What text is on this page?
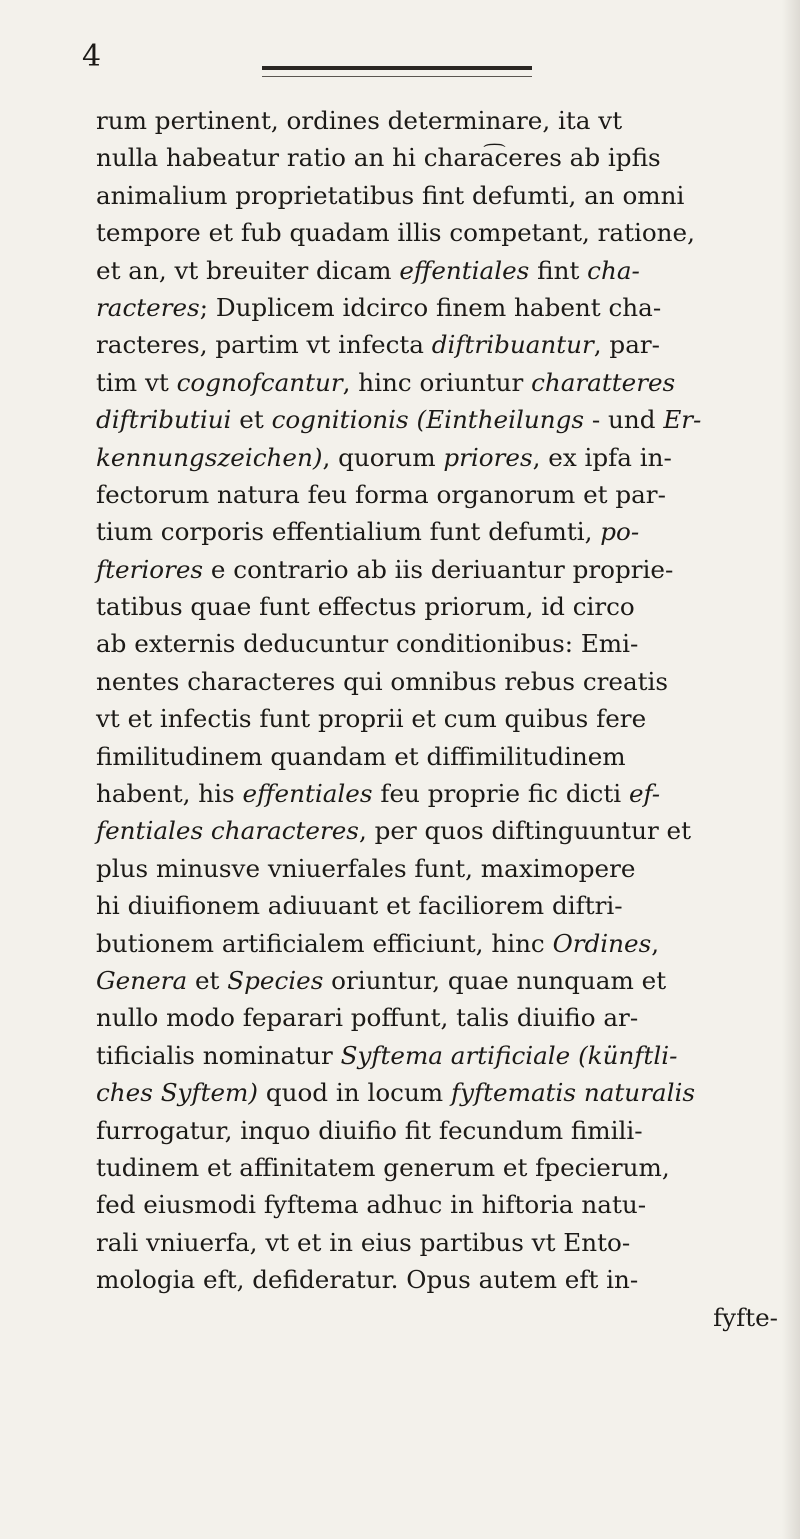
4
rum pertinent, ordines determinare, ita vt
nulla habeatur ratio an hi chara͡ceres ab ipfis
animalium proprietatibus fint defumti, an omni
tempore et fub quadam illis competant, ratione,
et an, vt breuiter dicam effentiales fint cha-
racteres; Duplicem idcirco finem habent cha-
racteres, partim vt infecta diftribuantur, par-
tim vt cognofcantur, hinc oriuntur charatteres
diftributiui et cognitionis (Eintheilungs - und Er-
kennungszeichen), quorum priores, ex ipfa in-
fectorum natura feu forma organorum et par-
tium corporis effentialium funt defumti, po-
fteriores e contrario ab iis deriuantur proprie-
tatibus quae funt effectus priorum, id circo
ab externis deducuntur conditionibus: Emi-
nentes characteres qui omnibus rebus creatis
vt et infectis funt proprii et cum quibus fere
fimilitudinem quandam et diffimilitudinem
habent, his effentiales feu proprie fic dicti ef-
fentiales characteres, per quos diftinguuntur et
plus minusve vniuerfales funt, maximopere
hi diuifionem adiuuant et faciliorem diftri-
butionem artificialem efficiunt, hinc Ordines,
Genera et Species oriuntur, quae nunquam et
nullo modo feparari poffunt, talis diuifio ar-
tificialis nominatur Syftema artificiale (künftli-
ches Syftem) quod in locum fyftematis naturalis
furrogatur, inquo diuifio fit fecundum fimili-
tudinem et affinitatem generum et fpecierum,
fed eiusmodi fyftema adhuc in hiftoria natu-
rali vniuerfa, vt et in eius partibus vt Ento-
mologia eft, defideratur. Opus autem eft in-
fyfte-
